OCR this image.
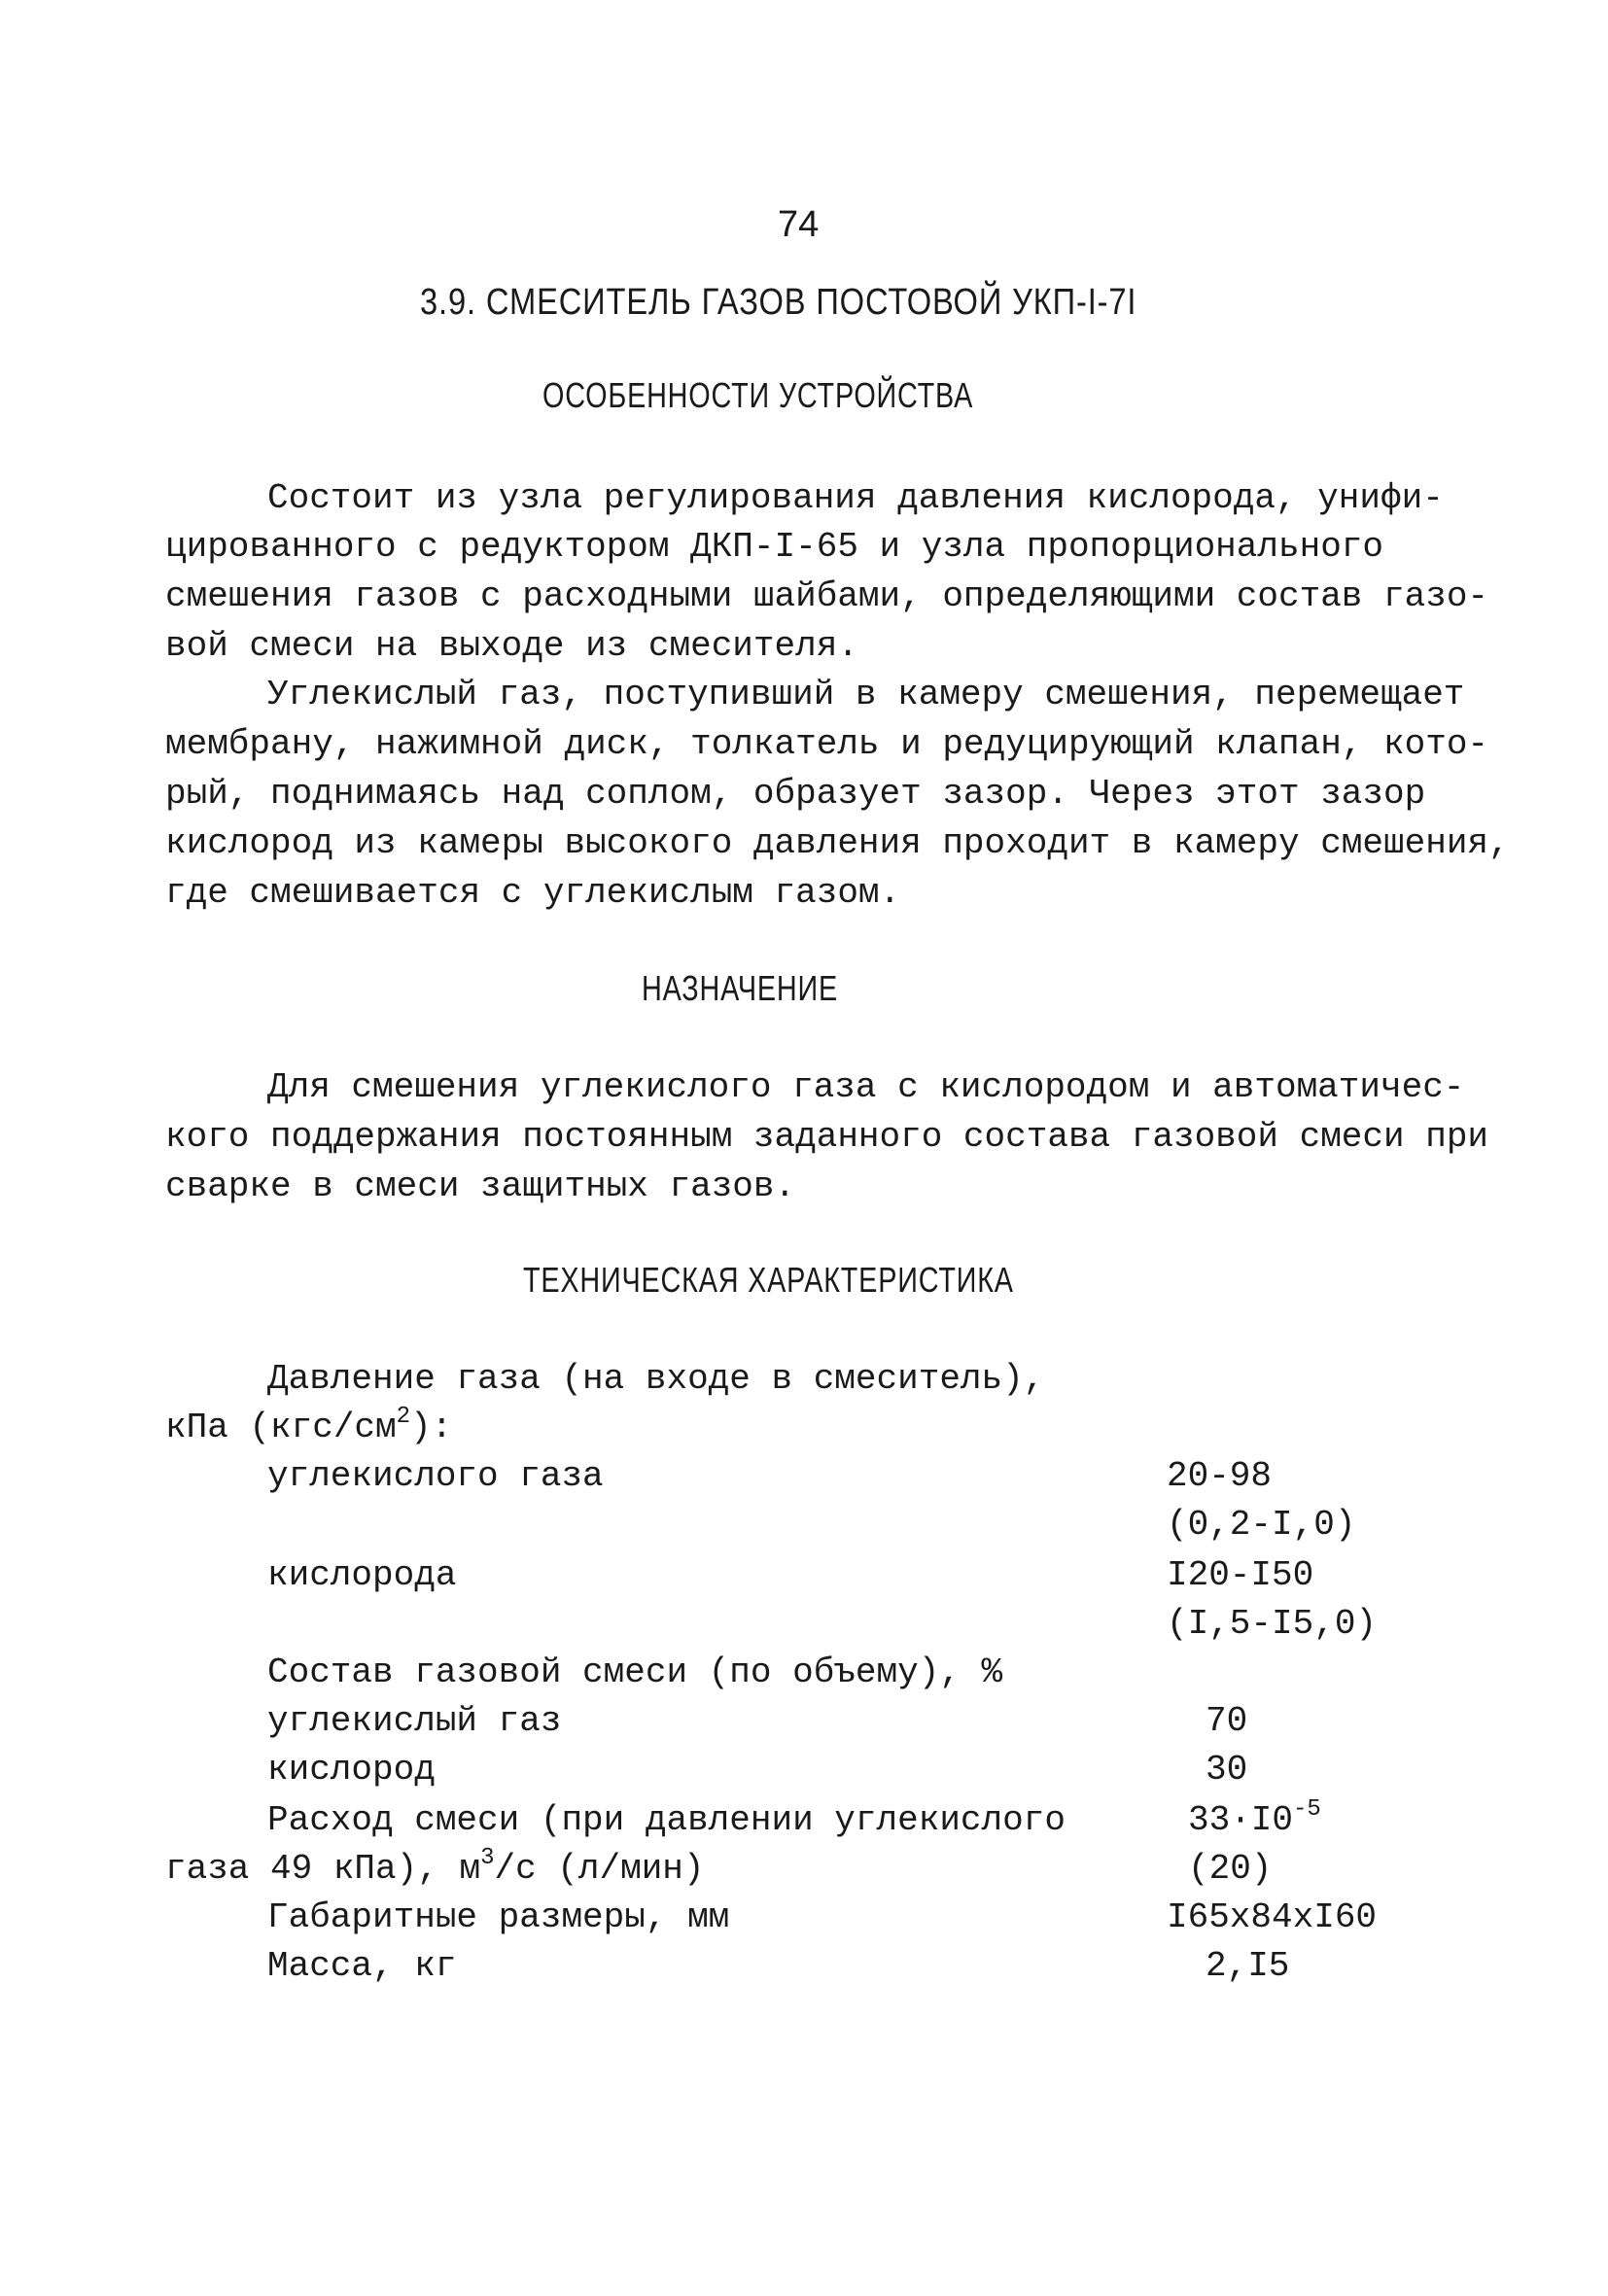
74
3.9. СМЕСИТЕЛЬ ГАЗОВ ПОСТОВОЙ УКП-I-7I
ОСОБЕННОСТИ УСТРОЙСТВА
Состоит из узла регулирования давления кислорода, унифи-
цированного с редуктором ДКП-I-65 и узла пропорционального
смешения газов с расходными шайбами, определяющими состав газо-
вой смеси на выходе из смесителя.
Углекислый газ, поступивший в камеру смешения, перемещает
мембрану, нажимной диск, толкатель и редуцирующий клапан, кото-
рый, поднимаясь над соплом, образует зазор. Через этот зазор
кислород из камеры высокого давления проходит в камеру смешения,
где смешивается с углекислым газом.
НАЗНАЧЕНИЕ
Для смешения углекислого газа с кислородом и автоматичес-
кого поддержания постоянным заданного состава газовой смеси при
сварке в смеси защитных газов.
ТЕХНИЧЕСКАЯ ХАРАКТЕРИСТИКА
Давление газа (на входе в смеситель),
кПа $(кгс/см^2)$:
углекислого газа	20-98
(0,2-I,0)
кислорода	I20-I50
(I,5-I5,0)
Состав газовой смеси (по объему), %
углекислый газ	70
кислород	30
Расход смеси (при давлении углекислого	$33\cdot I0^{-5}$
газа 49 кПа), $м^3/с$ (л/мин)	(20)
Габаритные размеры, мм	I65х84хI60
Масса, кг	2,I5
